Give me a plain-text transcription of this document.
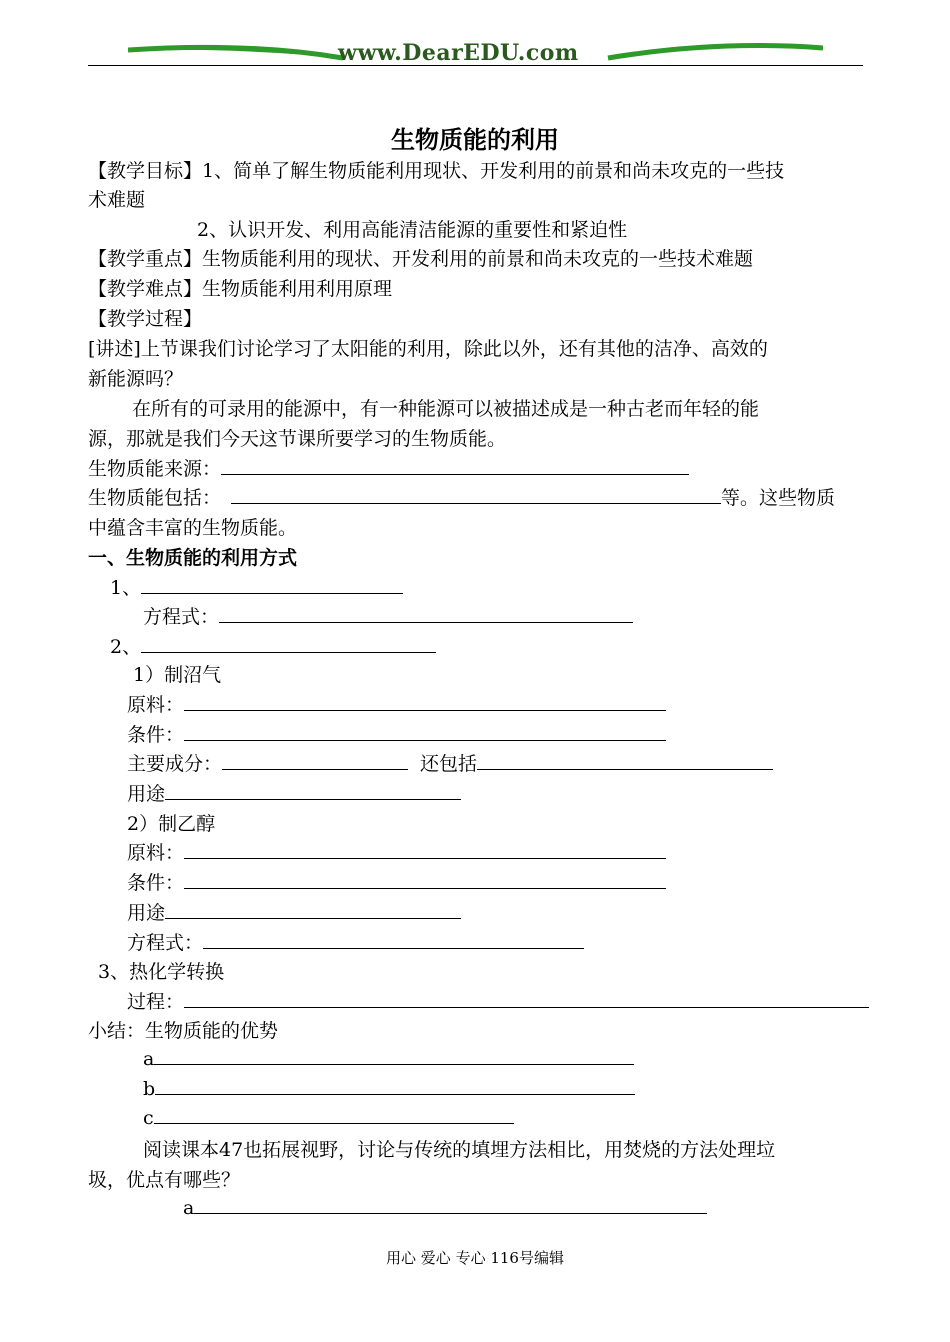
www.DearEDU.com
生物质能的利用
【教学目标】1、简单了解生物质能利用现状、开发利用的前景和尚未攻克的一些技
术难题
2、认识开发、利用高能清洁能源的重要性和紧迫性
【教学重点】生物质能利用的现状、开发利用的前景和尚未攻克的一些技术难题
【教学难点】生物质能利用利用原理
【教学过程】
[讲述]上节课我们讨论学习了太阳能的利用，除此以外，还有其他的洁净、高效的
新能源吗？
在所有的可录用的能源中，有一种能源可以被描述成是一种古老而年轻的能
源，那就是我们今天这节课所要学习的生物质能。
生物质能来源：
生物质能包括：	等。这些物质
中蕴含丰富的生物质能。
一、生物质能的利用方式
1、
方程式：
2、
1）制沼气
原料：
条件：
主要成分：	还包括
用途
2）制乙醇
原料：
条件：
用途
方程式：
3、热化学转换
过程：
小结：生物质能的优势
a
b
c
阅读课本47也拓展视野，讨论与传统的填埋方法相比，用焚烧的方法处理垃
圾，优点有哪些？
a
用心 爱心 专心 116号编辑
